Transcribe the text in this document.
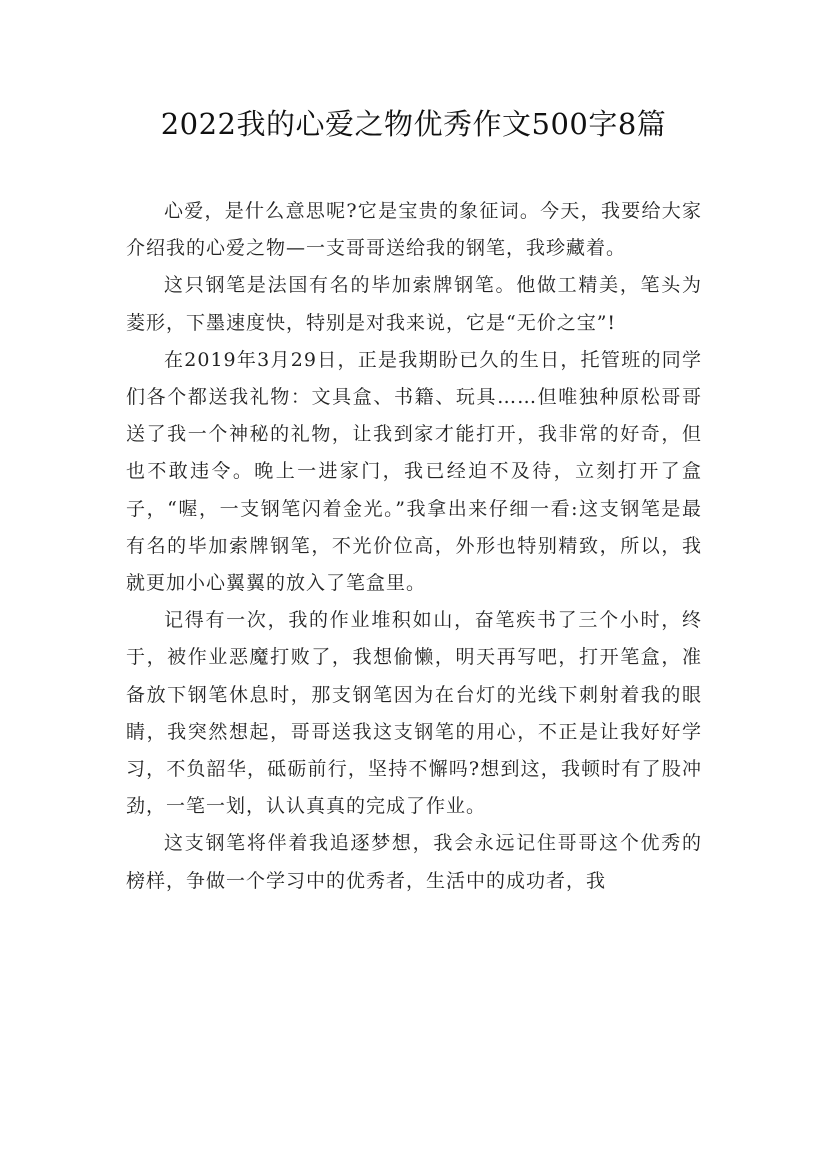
2022我的心爱之物优秀作文500字8篇

心爱，是什么意思呢?它是宝贵的象征词。今天，我要给大家介绍我的心爱之物—一支哥哥送给我的钢笔，我珍藏着。

这只钢笔是法国有名的毕加索牌钢笔。他做工精美，笔头为菱形，下墨速度快，特别是对我来说，它是“无价之宝”!

在2019年3月29日，正是我期盼已久的生日，托管班的同学们各个都送我礼物：文具盒、书籍、玩具……但唯独种原松哥哥送了我一个神秘的礼物，让我到家才能打开，我非常的好奇，但也不敢违令。晚上一进家门，我已经迫不及待，立刻打开了盒子，“喔，一支钢笔闪着金光。”我拿出来仔细一看:这支钢笔是最有名的毕加索牌钢笔，不光价位高，外形也特别精致，所以，我就更加小心翼翼的放入了笔盒里。

记得有一次，我的作业堆积如山，奋笔疾书了三个小时，终于，被作业恶魔打败了，我想偷懒，明天再写吧，打开笔盒，准备放下钢笔休息时，那支钢笔因为在台灯的光线下刺射着我的眼睛，我突然想起，哥哥送我这支钢笔的用心，不正是让我好好学习，不负韶华，砥砺前行，坚持不懈吗?想到这，我顿时有了股冲劲，一笔一划，认认真真的完成了作业。

这支钢笔将伴着我追逐梦想，我会永远记住哥哥这个优秀的榜样，争做一个学习中的优秀者，生活中的成功者，我
